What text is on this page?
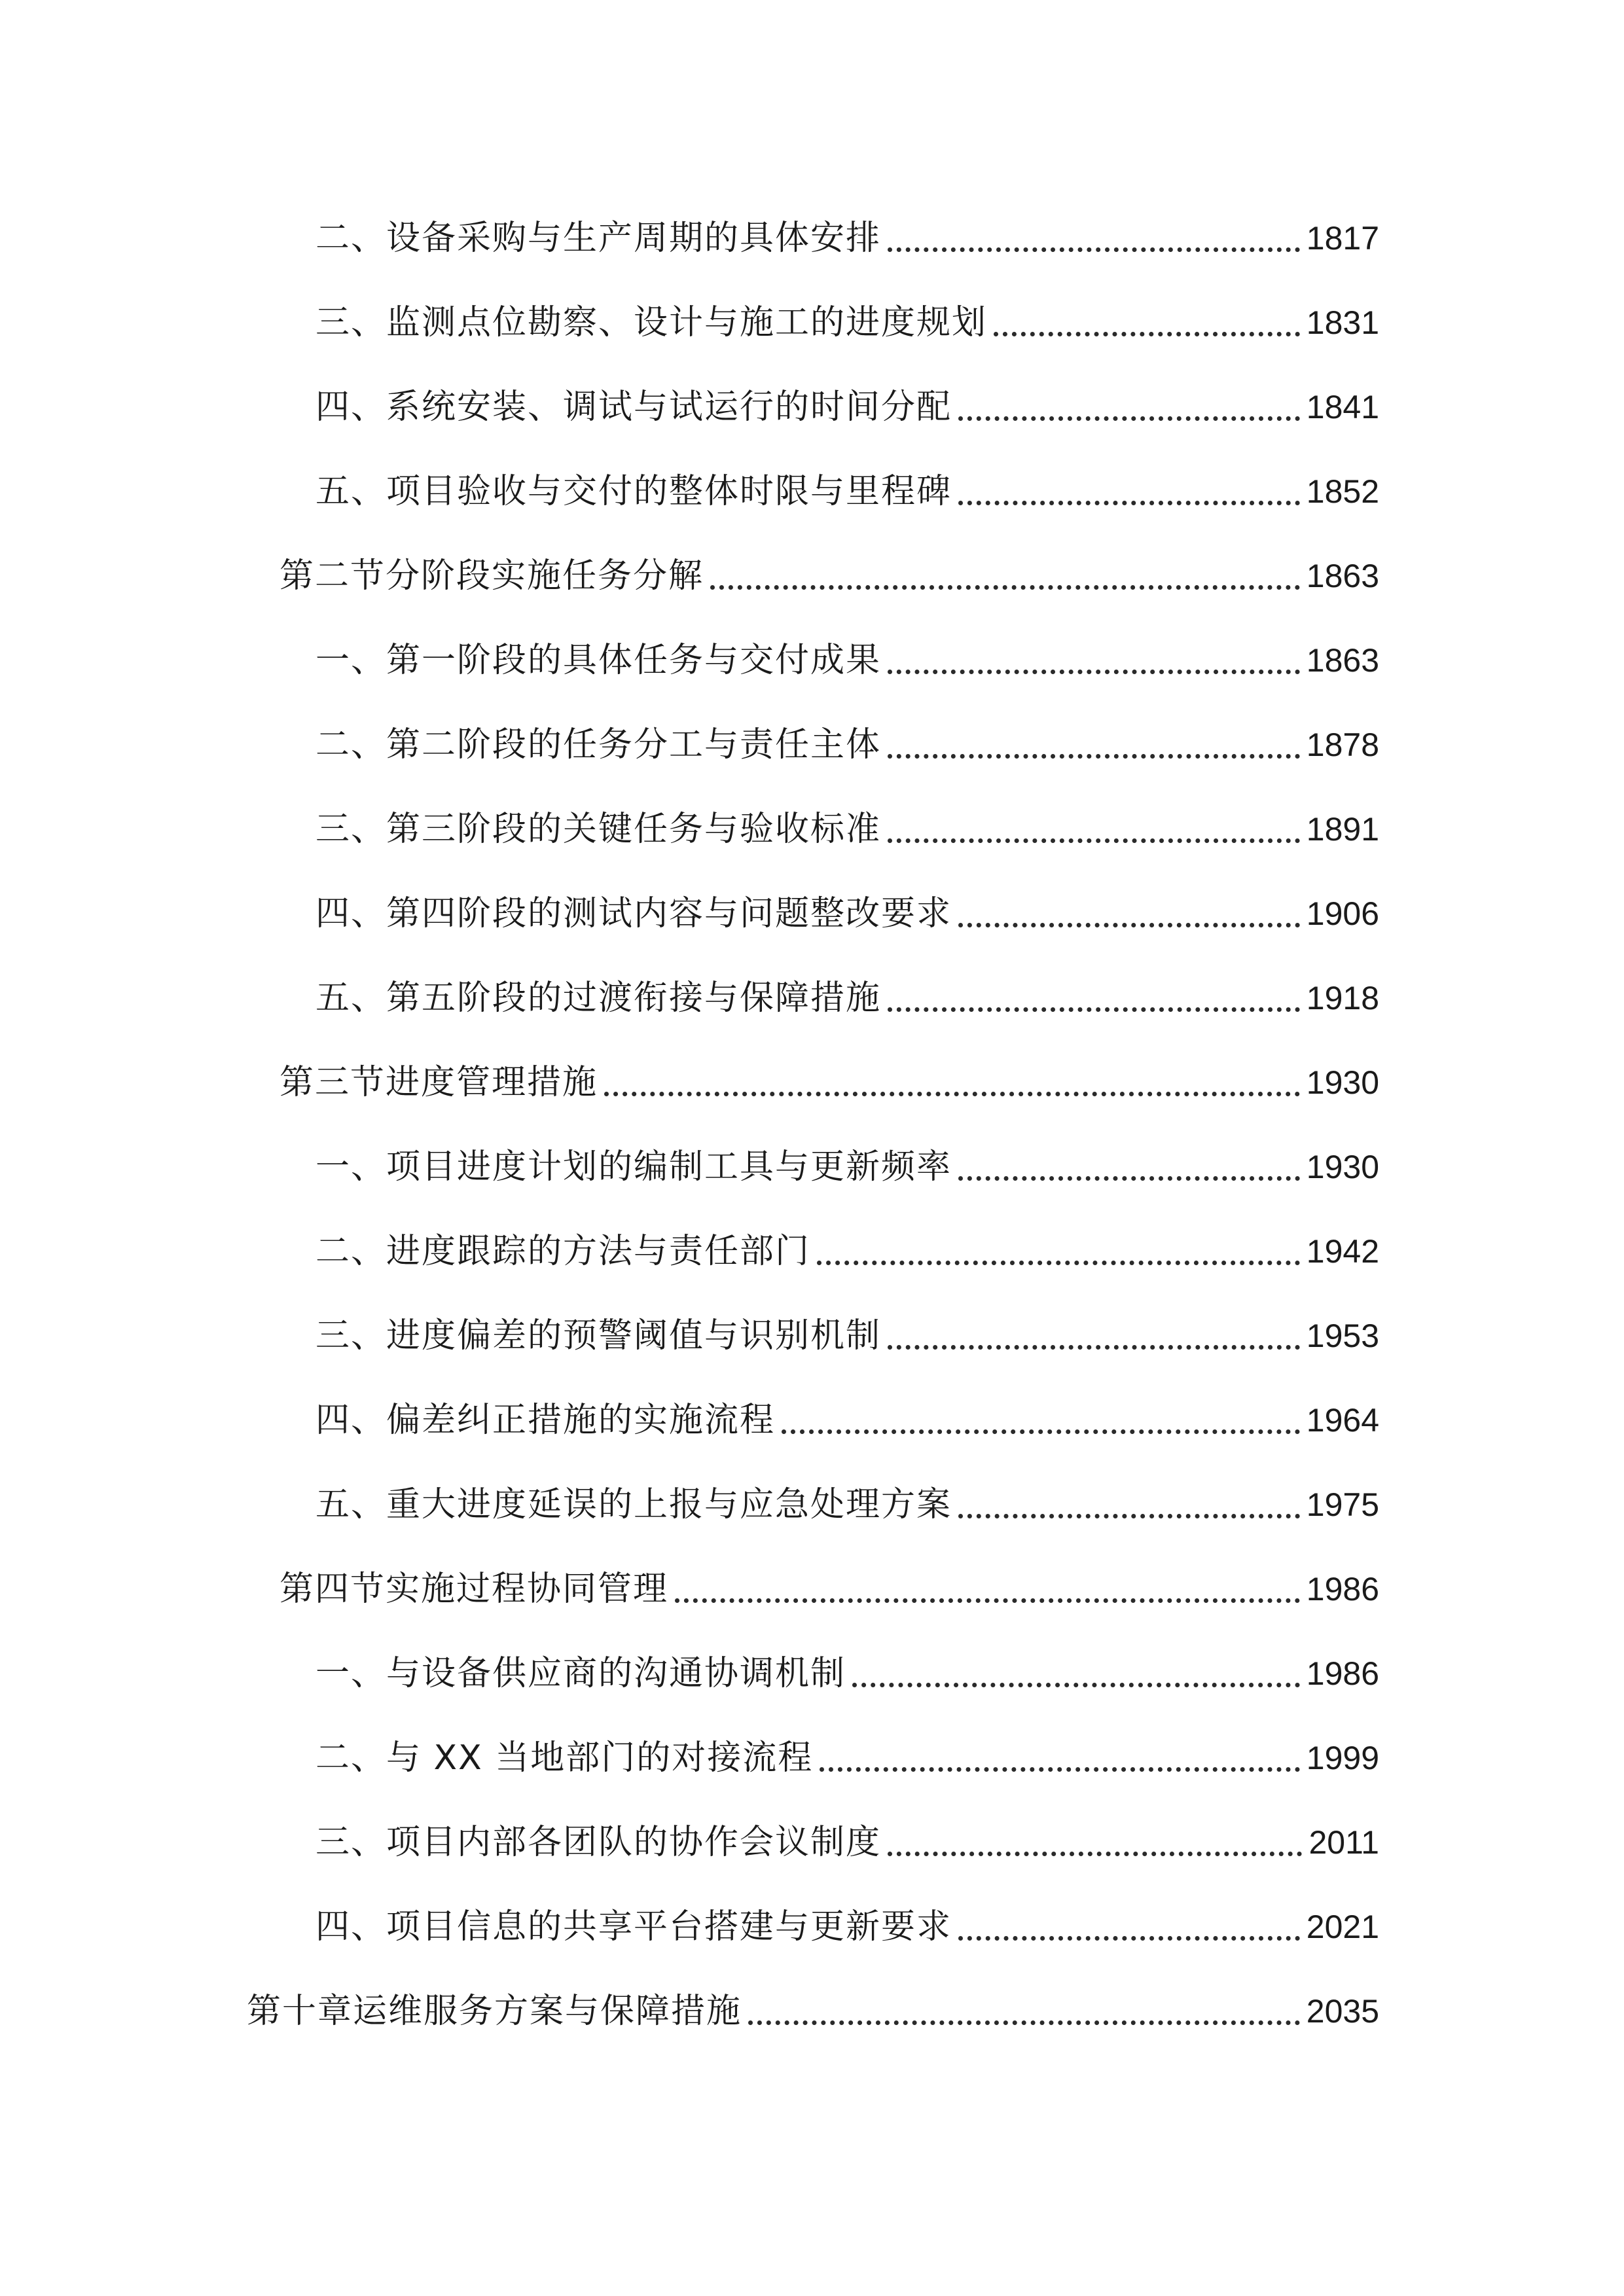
二、设备采购与生产周期的具体安排	1817
三、监测点位勘察、设计与施工的进度规划	1831
四、系统安装、调试与试运行的时间分配	1841
五、项目验收与交付的整体时限与里程碑	1852
第二节分阶段实施任务分解	1863
一、第一阶段的具体任务与交付成果	1863
二、第二阶段的任务分工与责任主体	1878
三、第三阶段的关键任务与验收标准	1891
四、第四阶段的测试内容与问题整改要求	1906
五、第五阶段的过渡衔接与保障措施	1918
第三节进度管理措施	1930
一、项目进度计划的编制工具与更新频率	1930
二、进度跟踪的方法与责任部门	1942
三、进度偏差的预警阈值与识别机制	1953
四、偏差纠正措施的实施流程	1964
五、重大进度延误的上报与应急处理方案	1975
第四节实施过程协同管理	1986
一、与设备供应商的沟通协调机制	1986
二、与 XX 当地部门的对接流程	1999
三、项目内部各团队的协作会议制度	2011
四、项目信息的共享平台搭建与更新要求	2021
第十章运维服务方案与保障措施	2035
